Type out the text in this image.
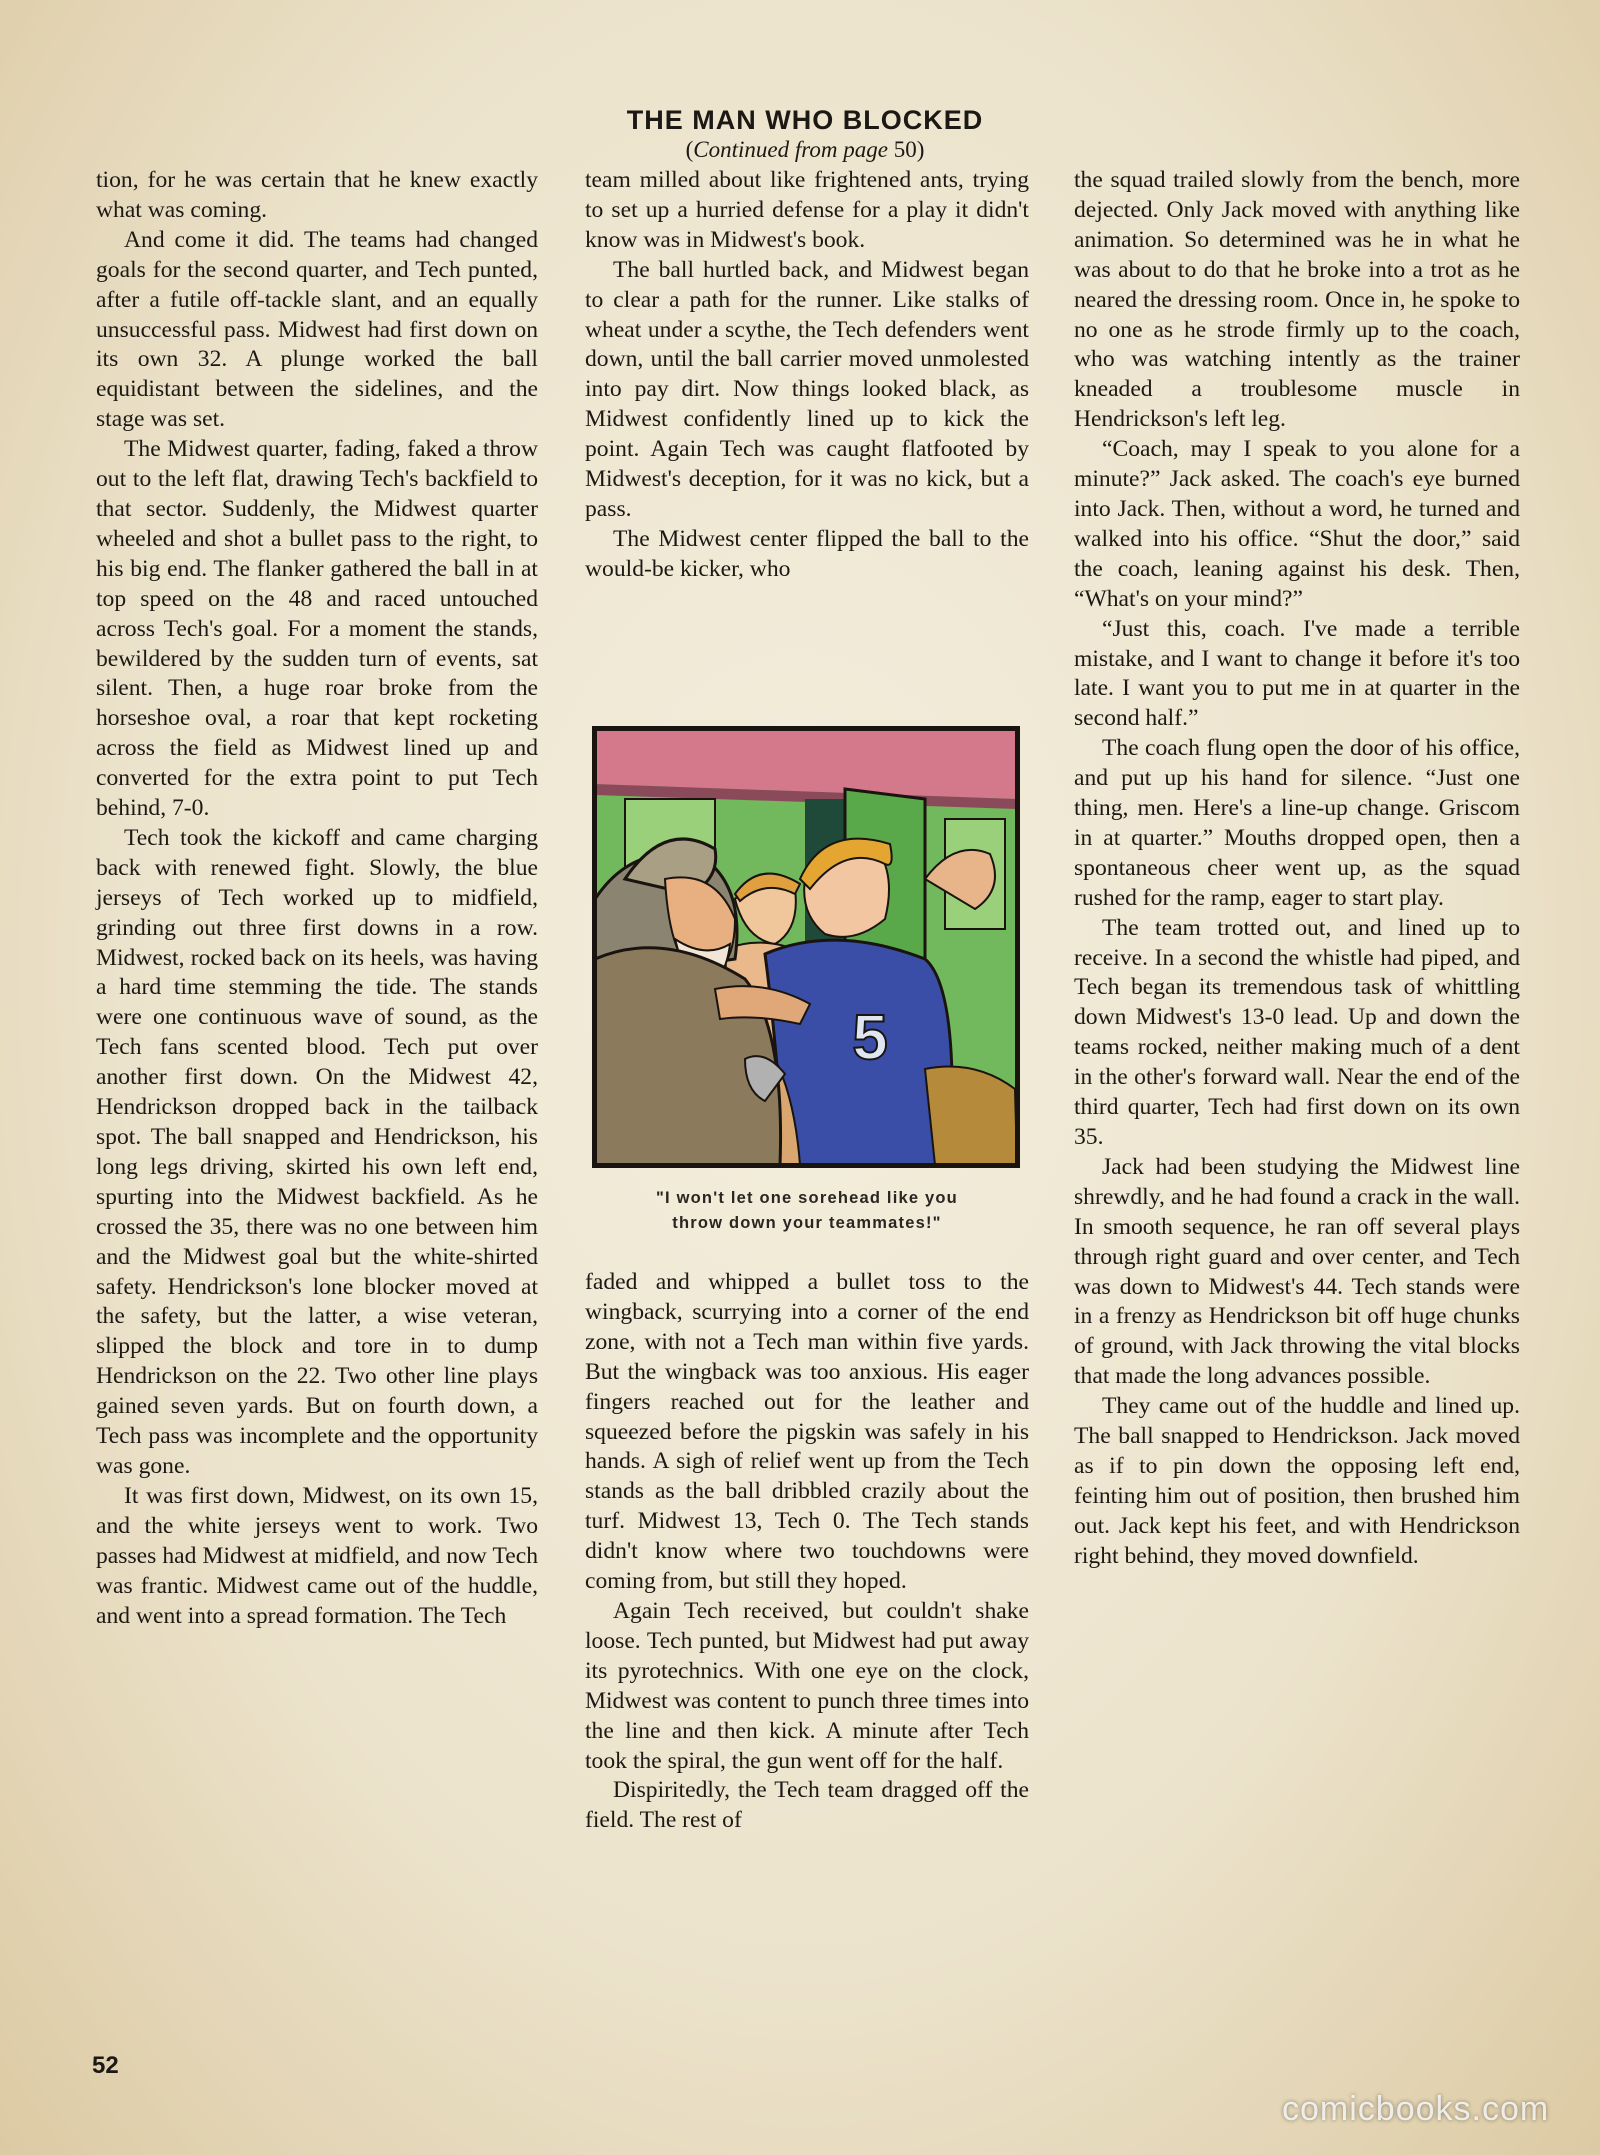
THE MAN WHO BLOCKED
(Continued from page 50)

tion, for he was certain that he knew exactly what was coming.

And come it did. The teams had changed goals for the second quarter, and Tech punted, after a futile off-tackle slant, and an equally unsuccessful pass. Midwest had first down on its own 32. A plunge worked the ball equidistant between the sidelines, and the stage was set.

The Midwest quarter, fading, faked a throw out to the left flat, drawing Tech's backfield to that sector. Suddenly, the Midwest quarter wheeled and shot a bullet pass to the right, to his big end. The flanker gathered the ball in at top speed on the 48 and raced untouched across Tech's goal. For a moment the stands, bewildered by the sudden turn of events, sat silent. Then, a huge roar broke from the horseshoe oval, a roar that kept rocketing across the field as Midwest lined up and converted for the extra point to put Tech behind, 7-0.

Tech took the kickoff and came charging back with renewed fight. Slowly, the blue jerseys of Tech worked up to midfield, grinding out three first downs in a row. Midwest, rocked back on its heels, was having a hard time stemming the tide. The stands were one continuous wave of sound, as the Tech fans scented blood. Tech put over another first down. On the Midwest 42, Hendrickson dropped back in the tailback spot. The ball snapped and Hendrickson, his long legs driving, skirted his own left end, spurting into the Midwest backfield. As he crossed the 35, there was no one between him and the Midwest goal but the white-shirted safety. Hendrickson's lone blocker moved at the safety, but the latter, a wise veteran, slipped the block and tore in to dump Hendrickson on the 22. Two other line plays gained seven yards. But on fourth down, a Tech pass was incomplete and the opportunity was gone.

It was first down, Midwest, on its own 15, and the white jerseys went to work. Two passes had Midwest at midfield, and now Tech was frantic. Midwest came out of the huddle, and went into a spread formation. The Tech

team milled about like frightened ants, trying to set up a hurried defense for a play it didn't know was in Midwest's book.

The ball hurtled back, and Midwest began to clear a path for the runner. Like stalks of wheat under a scythe, the Tech defenders went down, until the ball carrier moved unmolested into pay dirt. Now things looked black, as Midwest confidently lined up to kick the point. Again Tech was caught flatfooted by Midwest's deception, for it was no kick, but a pass.

The Midwest center flipped the ball to the would-be kicker, who

5
"I won't let one sorehead like you
throw down your teammates!"

faded and whipped a bullet toss to the wingback, scurrying into a corner of the end zone, with not a Tech man within five yards. But the wingback was too anxious. His eager fingers reached out for the leather and squeezed before the pigskin was safely in his hands. A sigh of relief went up from the Tech stands as the ball dribbled crazily about the turf. Midwest 13, Tech 0. The Tech stands didn't know where two touchdowns were coming from, but still they hoped.

Again Tech received, but couldn't shake loose. Tech punted, but Midwest had put away its pyrotechnics. With one eye on the clock, Midwest was content to punch three times into the line and then kick. A minute after Tech took the spiral, the gun went off for the half.

Dispiritedly, the Tech team dragged off the field. The rest of

the squad trailed slowly from the bench, more dejected. Only Jack moved with anything like animation. So determined was he in what he was about to do that he broke into a trot as he neared the dressing room. Once in, he spoke to no one as he strode firmly up to the coach, who was watching intently as the trainer kneaded a troublesome muscle in Hendrickson's left leg.

“Coach, may I speak to you alone for a minute?” Jack asked. The coach's eye burned into Jack. Then, without a word, he turned and walked into his office. “Shut the door,” said the coach, leaning against his desk. Then, “What's on your mind?”

“Just this, coach. I've made a terrible mistake, and I want to change it before it's too late. I want you to put me in at quarter in the second half.”

The coach flung open the door of his office, and put up his hand for silence. “Just one thing, men. Here's a line-up change. Griscom in at quarter.” Mouths dropped open, then a spontaneous cheer went up, as the squad rushed for the ramp, eager to start play.

The team trotted out, and lined up to receive. In a second the whistle had piped, and Tech began its tremendous task of whittling down Midwest's 13-0 lead. Up and down the teams rocked, neither making much of a dent in the other's forward wall. Near the end of the third quarter, Tech had first down on its own 35.

Jack had been studying the Midwest line shrewdly, and he had found a crack in the wall. In smooth sequence, he ran off several plays through right guard and over center, and Tech was down to Midwest's 44. Tech stands were in a frenzy as Hendrickson bit off huge chunks of ground, with Jack throwing the vital blocks that made the long advances possible.

They came out of the huddle and lined up. The ball snapped to Hendrickson. Jack moved as if to pin down the opposing left end, feinting him out of position, then brushed him out. Jack kept his feet, and with Hendrickson right behind, they moved downfield.

52
comicbooks.com
